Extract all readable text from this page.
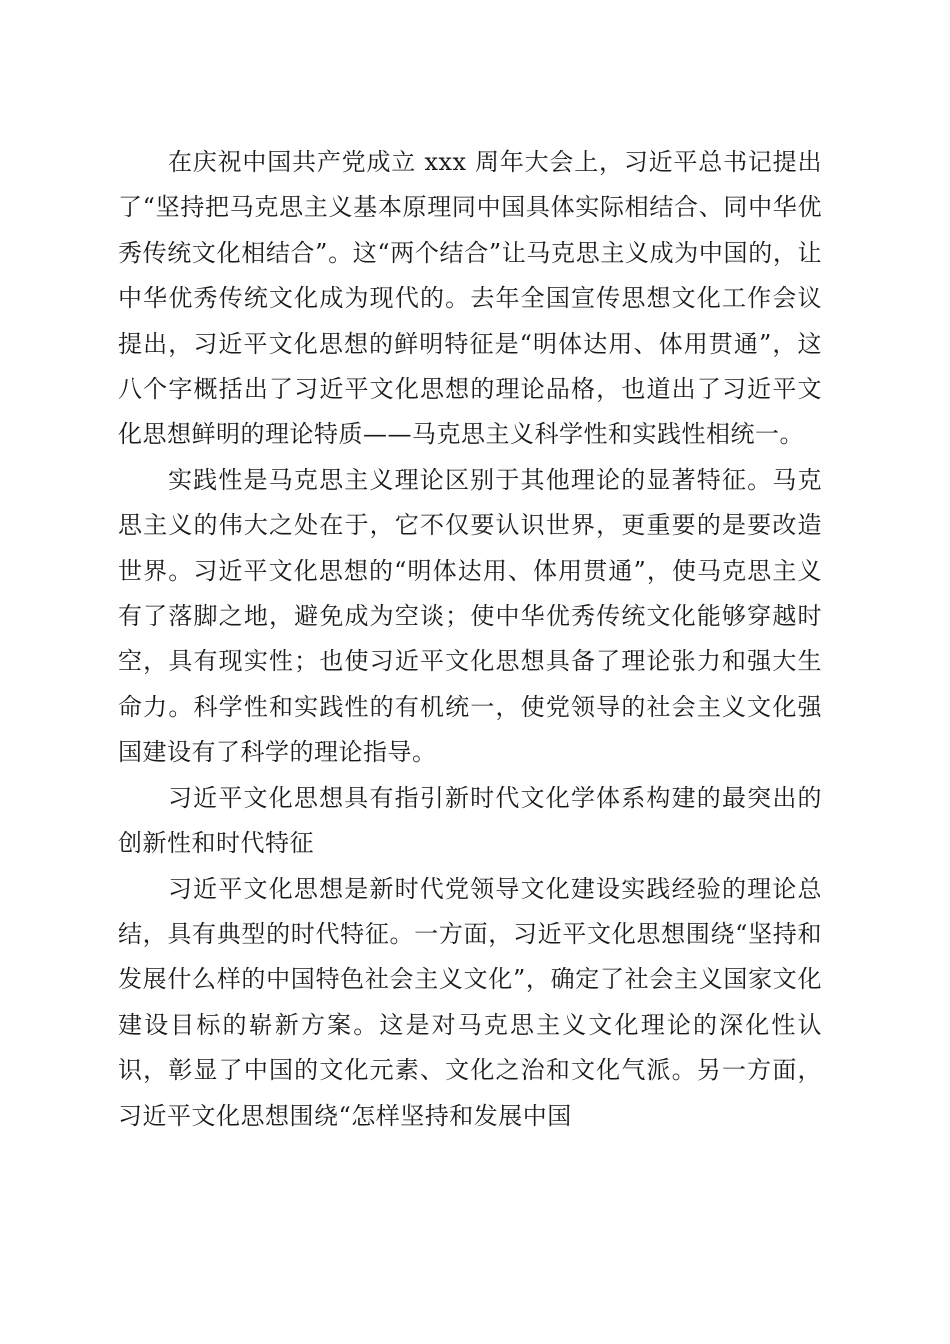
在庆祝中国共产党成立 xxx 周年大会上，习近平总书记提出了“坚持把马克思主义基本原理同中国具体实际相结合、同中华优秀传统文化相结合”。这“两个结合”让马克思主义成为中国的，让中华优秀传统文化成为现代的。去年全国宣传思想文化工作会议提出，习近平文化思想的鲜明特征是“明体达用、体用贯通”，这八个字概括出了习近平文化思想的理论品格，也道出了习近平文化思想鲜明的理论特质——马克思主义科学性和实践性相统一。

实践性是马克思主义理论区别于其他理论的显著特征。马克思主义的伟大之处在于，它不仅要认识世界，更重要的是要改造世界。习近平文化思想的“明体达用、体用贯通”，使马克思主义有了落脚之地，避免成为空谈；使中华优秀传统文化能够穿越时空，具有现实性；也使习近平文化思想具备了理论张力和强大生命力。科学性和实践性的有机统一，使党领导的社会主义文化强国建设有了科学的理论指导。

习近平文化思想具有指引新时代文化学体系构建的最突出的创新性和时代特征

习近平文化思想是新时代党领导文化建设实践经验的理论总结，具有典型的时代特征。一方面，习近平文化思想围绕“坚持和发展什么样的中国特色社会主义文化”，确定了社会主义国家文化建设目标的崭新方案。这是对马克思主义文化理论的深化性认识，彰显了中国的文化元素、文化之治和文化气派。另一方面，习近平文化思想围绕“怎样坚持和发展中国
